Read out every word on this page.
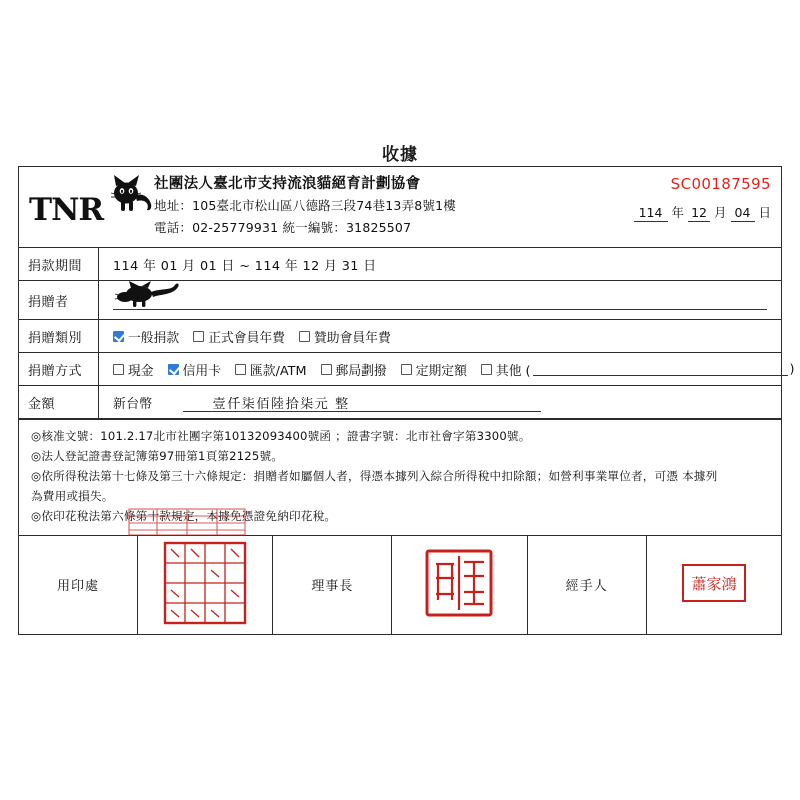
收據
TNR
社團法人臺北市支持流浪貓絕育計劃協會
地址：105臺北市松山區八德路三段74巷13弄8號1樓
電話：02-25779931 統一編號：31825507
SC00187595
114 年 12 月 04 日
捐款期間	114 年 01 月 01 日 ~ 114 年 12 月 31 日
捐贈者
捐贈類別	一般捐款 正式會員年費 贊助會員年費
捐贈方式	現金 信用卡 匯款/ATM 郵局劃撥 定期定額 其他 (	)
金額	新台幣	壹仟柒佰陸拾柒元 整
◎核准文號：101.2.17北市社團字第10132093400號函 ；證書字號：北市社會字第3300號。
◎法人登記證書登記簿第97冊第1頁第2125號。
◎依所得稅法第十七條及第三十六條規定：捐贈者如屬個人者，得憑本據列入綜合所得稅中扣除額；如營利事業單位者，可憑 本據列
為費用或損失。
◎依印花稅法第六條第十款規定，本據免憑證免納印花稅。
用印處	理事長	經手人	蕭家鴻
